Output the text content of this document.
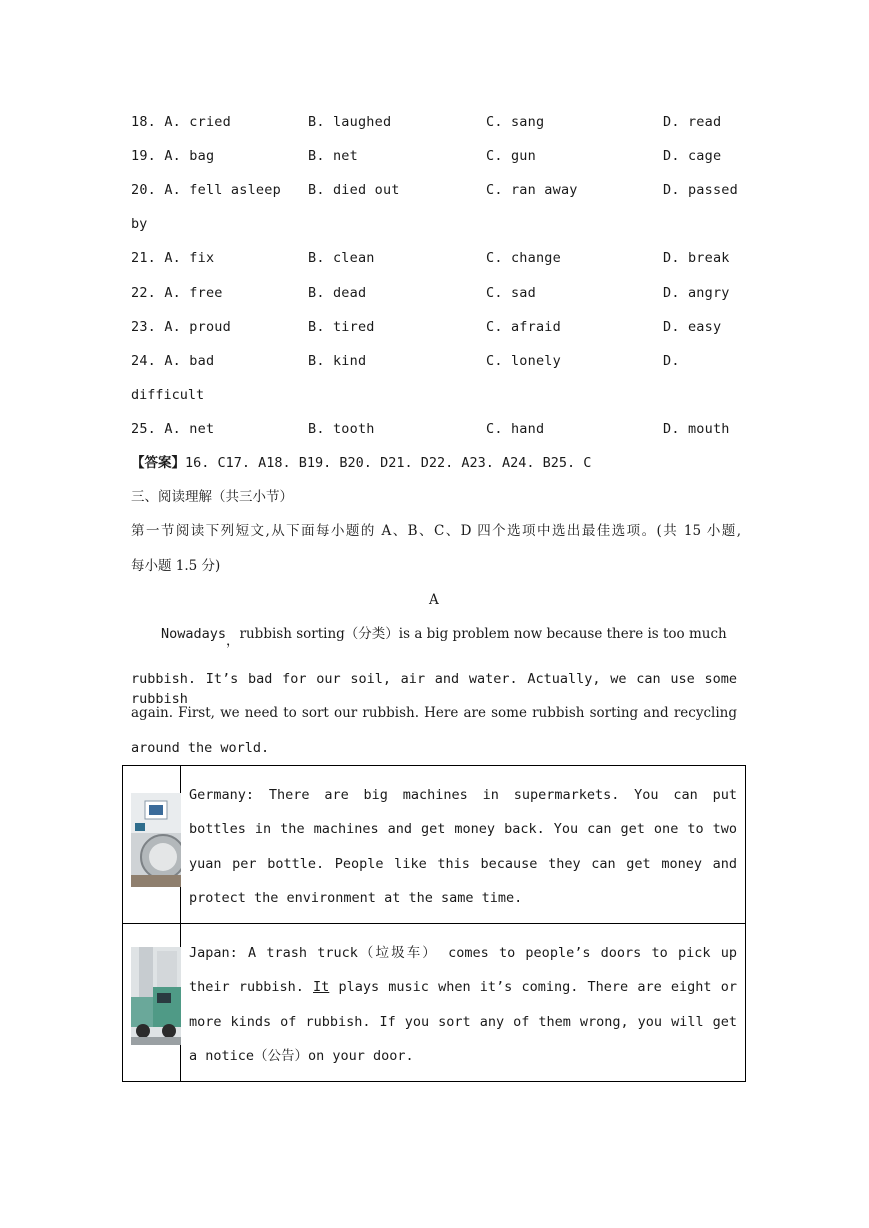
18. A. cried	B. laughed	C. sang	D. read
19. A. bag	B. net	C. gun	D. cage
20. A. fell asleep B. died out	C. ran away	D. passed
by
21. A. fix	B. clean	C. change	D. break
22. A. free	B. dead	C. sad	D. angry
23. A. proud	B. tired	C. afraid	D. easy
24. A. bad	B. kind	C. lonely	D.
difficult
25. A. net	B. tooth	C. hand	D. mouth
【答案】16. C17. A18. B19. B20. D21. D22. A23. A24. B25. C
三、阅读理解（共三小节）
第一节阅读下列短文,从下面每小题的 A、B、C、D 四个选项中选出最佳选项。(共 15 小题,
每小题 1.5 分)
A
Nowadays，rubbish sorting（分类）is a big problem now because there is too much
rubbish. It’s bad for our soil, air and water. Actually, we can use some rubbish
again. First, we need to sort our rubbish. Here are some rubbish sorting and recycling
around the world.
	Germany: There are big machines in supermarkets. You can put bottles in the machines and get money back. You can get one to two yuan per bottle. People like this because they can get money and protect the environment at the same time.

	Japan: A trash truck（垃圾车） comes to people’s doors to pick up their rubbish. It plays music when it’s coming. There are eight or more kinds of rubbish. If you sort any of them wrong, you will get a notice（公告）on your door.
